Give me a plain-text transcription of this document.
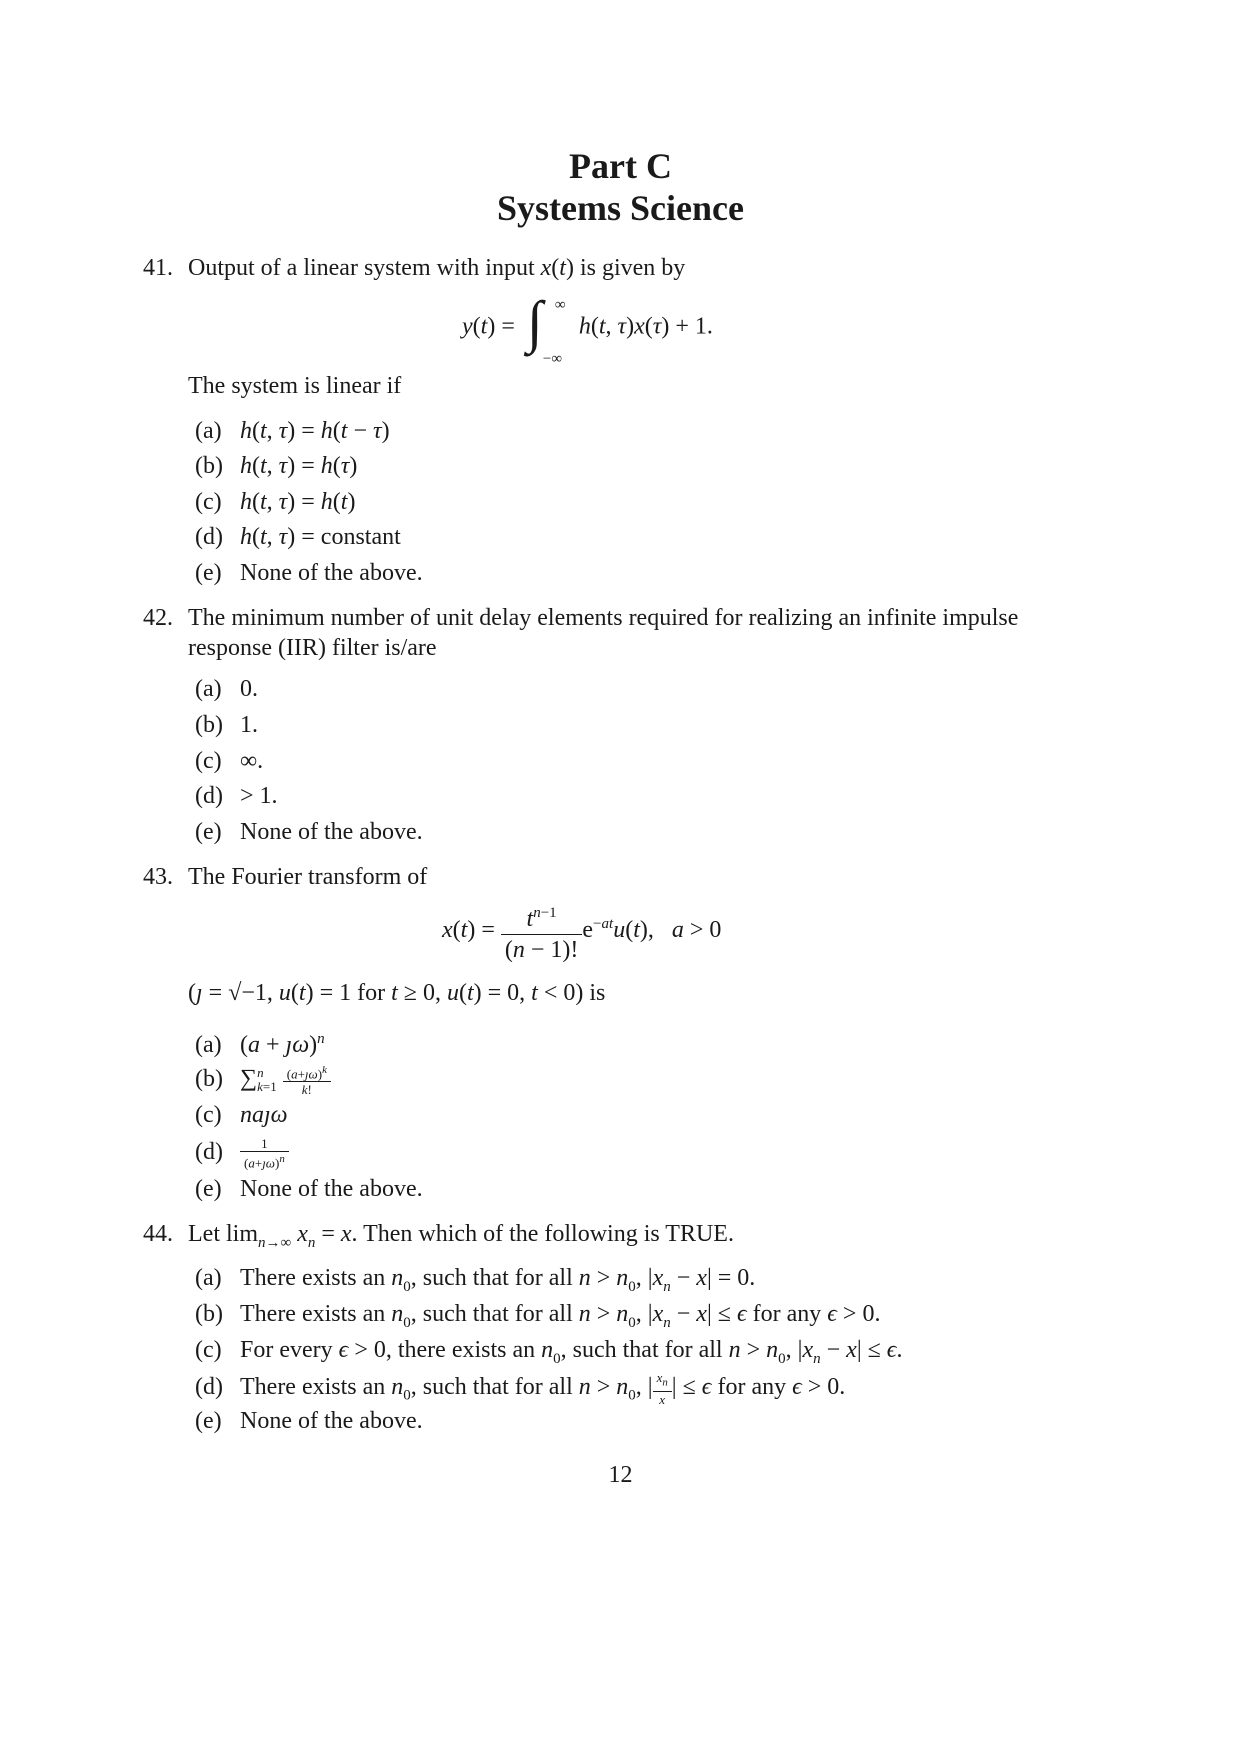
Part C
Systems Science
41. Output of a linear system with input x(t) is given by
y(t) = ∫ ∞
−∞
h(t, τ)x(τ) + 1.
The system is linear if
(a) h(t, τ) = h(t − τ)
(b) h(t, τ) = h(τ)
(c) h(t, τ) = h(t)
(d) h(t, τ) = constant
(e) None of the above.
42. The minimum number of unit delay elements required for realizing an infinite impulse response (IIR) filter is/are
(a) 0.
(b) 1.
(c) ∞.
(d) > 1.
(e) None of the above.
43. The Fourier transform of
$x(t) = \frac{t^{n-1}}{(n - 1)!} e^{-at}u(t)$,   a > 0
(ȷ = √−1, u(t) = 1 for t ≥ 0, u(t) = 0, t < 0) is
(a) (a + ȷω)$^n$
(b) ∑n
$k=1 \frac{(a+ȷ\omega)^k}{k!}$
(c) naȷω
$(d) \frac{1}{(a+ȷ\omega)^n}$
(e) None of the above.
44. Let $\lim_{n\to\infty} x_n = x$. Then which of the following is TRUE.
(a) There exists an $n_0$, such that for all $n > n_0$, $|x_n - x| = 0$.
(b) There exists an $n_0$, such that for all $n > n_0$, $|x_n - x| \le \epsilon$ for any ϵ > 0.
(c) For every ϵ > 0, there exists an $n_0$, such that for all $n > n_0$, $|x_n - x| \le \epsilon$.
(d) There exists an $n_0$, such that for all $n > n_0$, | $\frac{x_n}{x}$ | ≤ ϵ for any ϵ > 0.
(e) None of the above.
12
